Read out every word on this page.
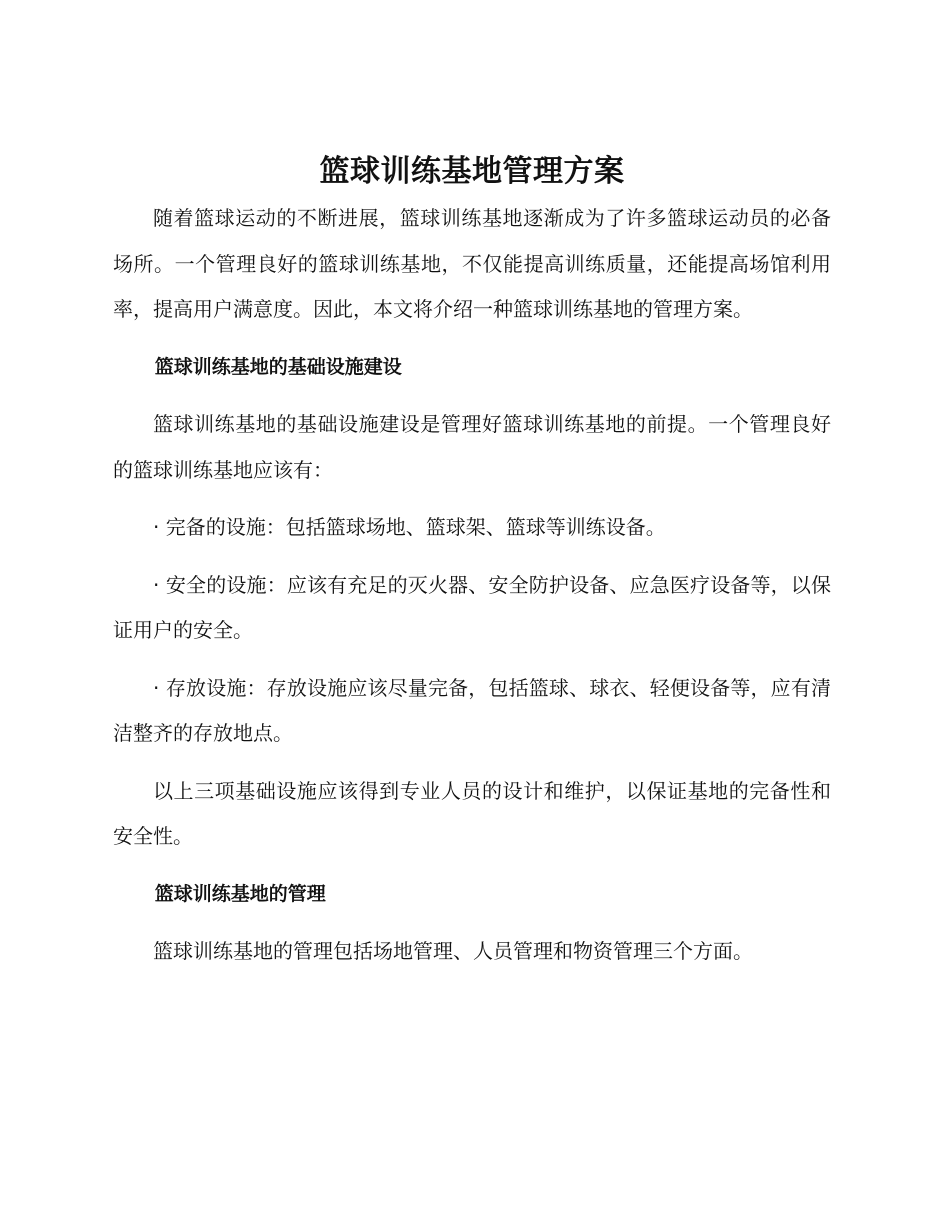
篮球训练基地管理方案

随着篮球运动的不断进展，篮球训练基地逐渐成为了许多篮球运动员的必备场所。一个管理良好的篮球训练基地，不仅能提高训练质量，还能提高场馆利用率，提高用户满意度。因此，本文将介绍一种篮球训练基地的管理方案。

篮球训练基地的基础设施建设

篮球训练基地的基础设施建设是管理好篮球训练基地的前提。一个管理良好的篮球训练基地应该有：

· 完备的设施：包括篮球场地、篮球架、篮球等训练设备。

· 安全的设施：应该有充足的灭火器、安全防护设备、应急医疗设备等，以保证用户的安全。

· 存放设施：存放设施应该尽量完备，包括篮球、球衣、轻便设备等，应有清洁整齐的存放地点。

以上三项基础设施应该得到专业人员的设计和维护，以保证基地的完备性和安全性。

篮球训练基地的管理

篮球训练基地的管理包括场地管理、人员管理和物资管理三个方面。
